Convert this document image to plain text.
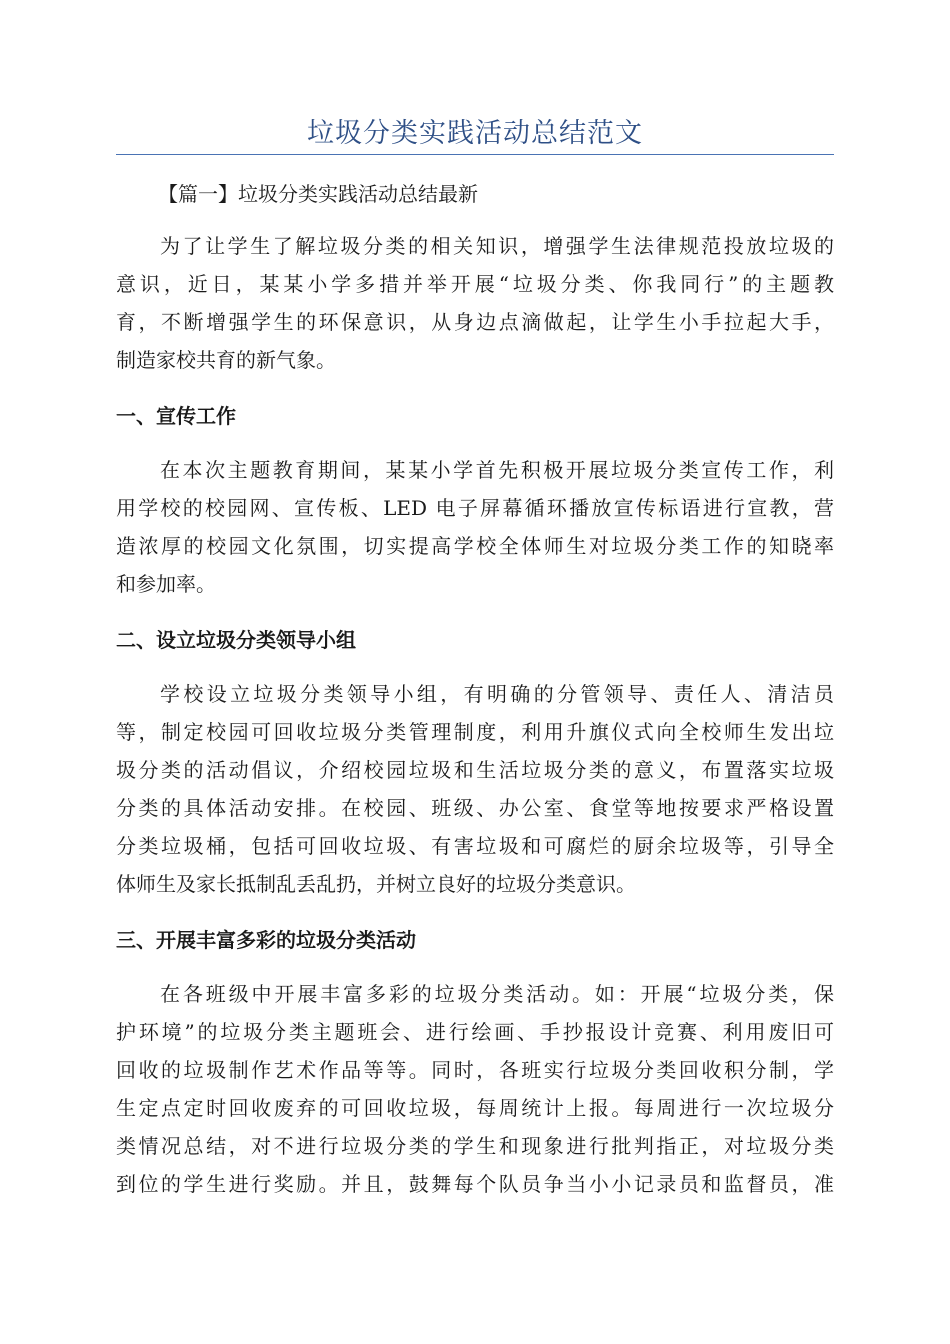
垃圾分类实践活动总结范文
【篇一】垃圾分类实践活动总结最新
为了让学生了解垃圾分类的相关知识，增强学生法律规范投放垃圾的
意识，近日，某某小学多措并举开展“垃圾分类、你我同行”的主题教
育，不断增强学生的环保意识，从身边点滴做起，让学生小手拉起大手，
制造家校共育的新气象。
一、宣传工作
在本次主题教育期间，某某小学首先积极开展垃圾分类宣传工作，利
用学校的校园网、宣传板、LED 电子屏幕循环播放宣传标语进行宣教，营
造浓厚的校园文化氛围，切实提高学校全体师生对垃圾分类工作的知晓率
和参加率。
二、设立垃圾分类领导小组
学校设立垃圾分类领导小组，有明确的分管领导、责任人、清洁员
等，制定校园可回收垃圾分类管理制度，利用升旗仪式向全校师生发出垃
圾分类的活动倡议，介绍校园垃圾和生活垃圾分类的意义，布置落实垃圾
分类的具体活动安排。在校园、班级、办公室、食堂等地按要求严格设置
分类垃圾桶，包括可回收垃圾、有害垃圾和可腐烂的厨余垃圾等，引导全
体师生及家长抵制乱丢乱扔，并树立良好的垃圾分类意识。
三、开展丰富多彩的垃圾分类活动
在各班级中开展丰富多彩的垃圾分类活动。如：开展“垃圾分类，保
护环境”的垃圾分类主题班会、进行绘画、手抄报设计竞赛、利用废旧可
回收的垃圾制作艺术作品等等。同时，各班实行垃圾分类回收积分制，学
生定点定时回收废弃的可回收垃圾，每周统计上报。每周进行一次垃圾分
类情况总结，对不进行垃圾分类的学生和现象进行批判指正，对垃圾分类
到位的学生进行奖励。并且，鼓舞每个队员争当小小记录员和监督员，准
